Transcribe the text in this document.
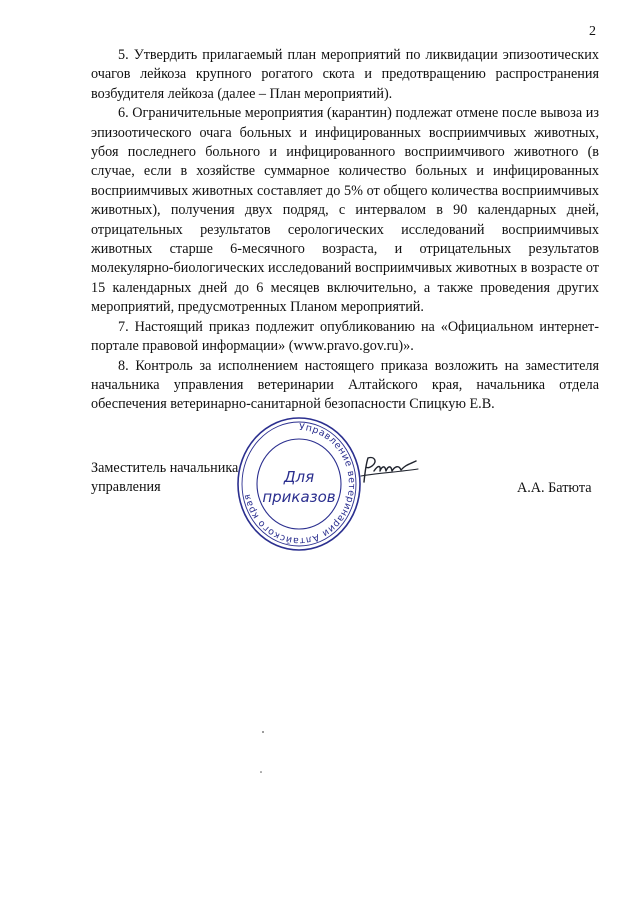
2

5. Утвердить прилагаемый план мероприятий по ликвидации эпизоотических очагов лейкоза крупного рогатого скота и предотвращению распространения возбудителя лейкоза (далее – План мероприятий).

6. Ограничительные мероприятия (карантин) подлежат отмене после вывоза из эпизоотического очага больных и инфицированных восприимчивых животных, убоя последнего больного и инфицированного восприимчивого животного (в случае, если в хозяйстве суммарное количество больных и инфицированных восприимчивых животных составляет до 5% от общего количества восприимчивых животных), получения двух подряд, с интервалом в 90 календарных дней, отрицательных результатов серологических исследований восприимчивых животных старше 6-месячного возраста, и отрицательных результатов молекулярно-биологических исследований восприимчивых животных в возрасте от 15 календарных дней до 6 месяцев включительно, а также проведения других мероприятий, предусмотренных Планом мероприятий.

7. Настоящий приказ подлежит опубликованию на «Официальном интернет-портале правовой информации» (www.pravo.gov.ru)».

8. Контроль за исполнением настоящего приказа возложить на заместителя начальника управления ветеринарии Алтайского края, начальника отдела обеспечения ветеринарно-санитарной безопасности Спицкую Е.В.

Заместитель начальника
управления	А.А. Батюта
Управление ветеринарии Алтайского края
Для
приказов
